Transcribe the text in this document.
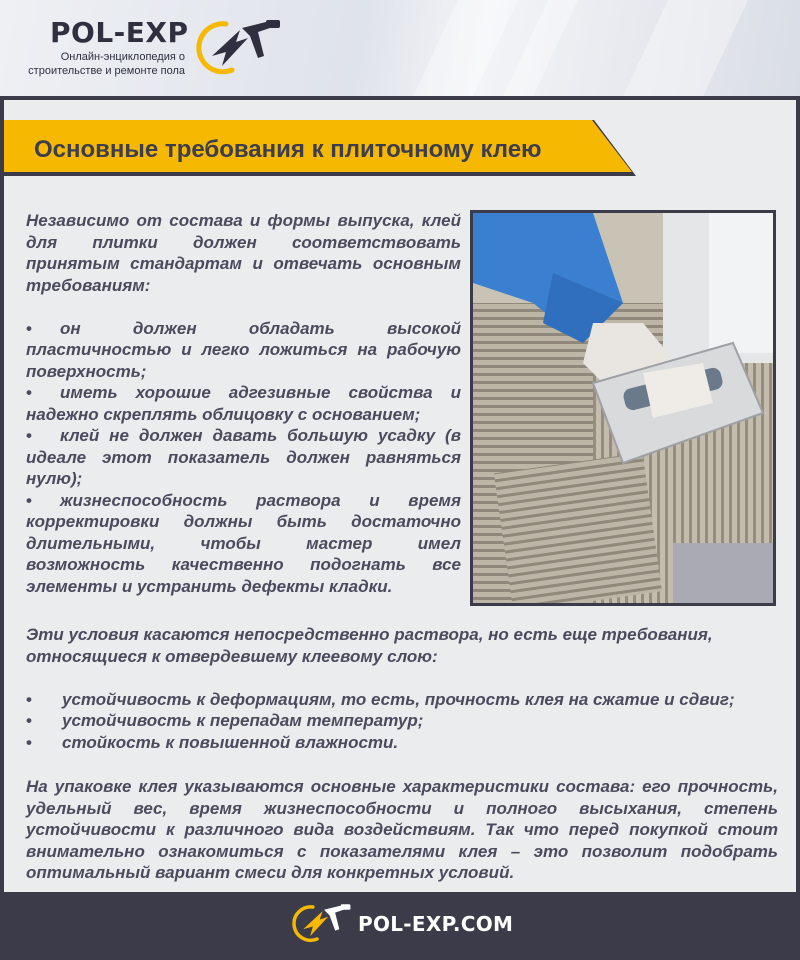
POL-EXP
Онлайн-энциклопедия о
строительстве и ремонте пола
Основные требования к плиточному клею

Независимо от состава и формы выпуска, клей для плитки должен соответствовать принятым стандартам и отвечать основным требованиям:

• он должен обладать высокой пластичностью и легко ложиться на рабочую поверхность;
• иметь хорошие адгезивные свойства и надежно скреплять облицовку с основанием;
• клей не должен давать большую усадку (в идеале этот показатель должен равняться нулю);
• жизнеспособность раствора и время корректировки должны быть достаточно длительными, чтобы мастер имел возможность качественно подогнать все элементы и устранить дефекты кладки.

Эти условия касаются непосредственно раствора, но есть еще требования, относящиеся к отвердевшему клеевому слою:

•	устойчивость к деформациям, то есть, прочность клея на сжатие и сдвиг;
•	устойчивость к перепадам температур;
•	стойкость к повышенной влажности.

На упаковке клея указываются основные характеристики состава: его прочность, удельный вес, время жизнеспособности и полного высыхания, степень устойчивости к различного вида воздействиям. Так что перед покупкой стоит внимательно ознакомиться с показателями клея – это позволит подобрать оптимальный вариант смеси для конкретных условий.

POL-EXP.COM
